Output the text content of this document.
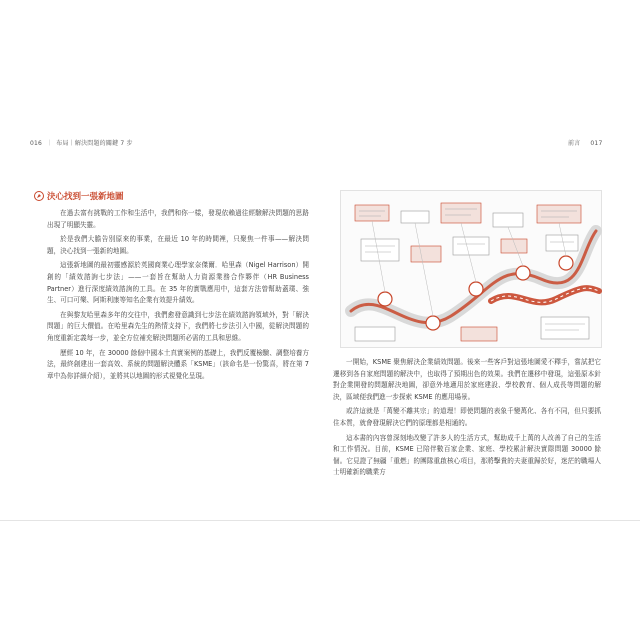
016 ｜ 布局｜解決問題的關鍵 7 步	前言 017
決心找到一張新地圖

在過去富有挑戰的工作和生活中，我們和你一樣，發現依賴過往經驗解決問題的思路出現了明顯失靈。

於是我們大膽告別原來的事業，在最近 10 年的時間裡，只聚焦一件事——解決問題，決心找到一張新的地圖。

這張新地圖的最初靈感源於英國商業心理學家奈傑爾．哈里森（Nigel Harrison）開創的「績效諮詢七步法」——一套旨在幫助人力資源業務合作夥伴（HR Business Partner）進行深度績效諮詢的工具。在 35 年的實戰應用中，這套方法曾幫助蓋璞、強生、可口可樂、阿斯利康等知名企業有效提升績效。

在與黎友哈里森多年的交往中，我們愈發意識到七步法在績效諮詢領域外，對「解決問題」的巨大價值。在哈里森先生的熱情支持下，我們將七步法引入中國，從解決問題的角度重新定義每一步，並全方位補充解決問題所必需的工具和思維。

歷經 10 年，在 30000 餘個中國本土真實案例的基礎上，我們反覆檢驗、調整培養方法，最終創建出一套高效、系統的問題解決體系「KSME」（該命名是一份驚喜，將在第 7 章中為你詳細介紹），並將其以地圖的形式視覺化呈現。

一開始，KSME 聚焦解決企業績效問題。後來一些客戶對這張地圖愛不釋手，嘗試把它遷移到各自家庭問題的解決中，也取得了預期出色的效果。我們在遷移中發現，這張原本針對企業開發的問題解決地圖，卻意外地適用於家庭建設、學校教育、個人成長等問題的解決，區域便我們進一步探索 KSME 的應用場景。

或許這就是「萬變不離其宗」的道理！即使問題的表象千變萬化、各有不同，但只要抓住本質，就會發現解決它們的原理都是相通的。

這本書的內容曾深刻地改變了許多人的生活方式，幫助成千上萬的人改善了自己的生活和工作情況。目前，KSME 已陪伴數百家企業、家庭、學校累計解決實際問題 30000 餘個。它見證了無疆「重燃」的團隊重啟核心項目，那將擊貴的夫妻重歸於好，迷茫的職場人士明確新的職業方
